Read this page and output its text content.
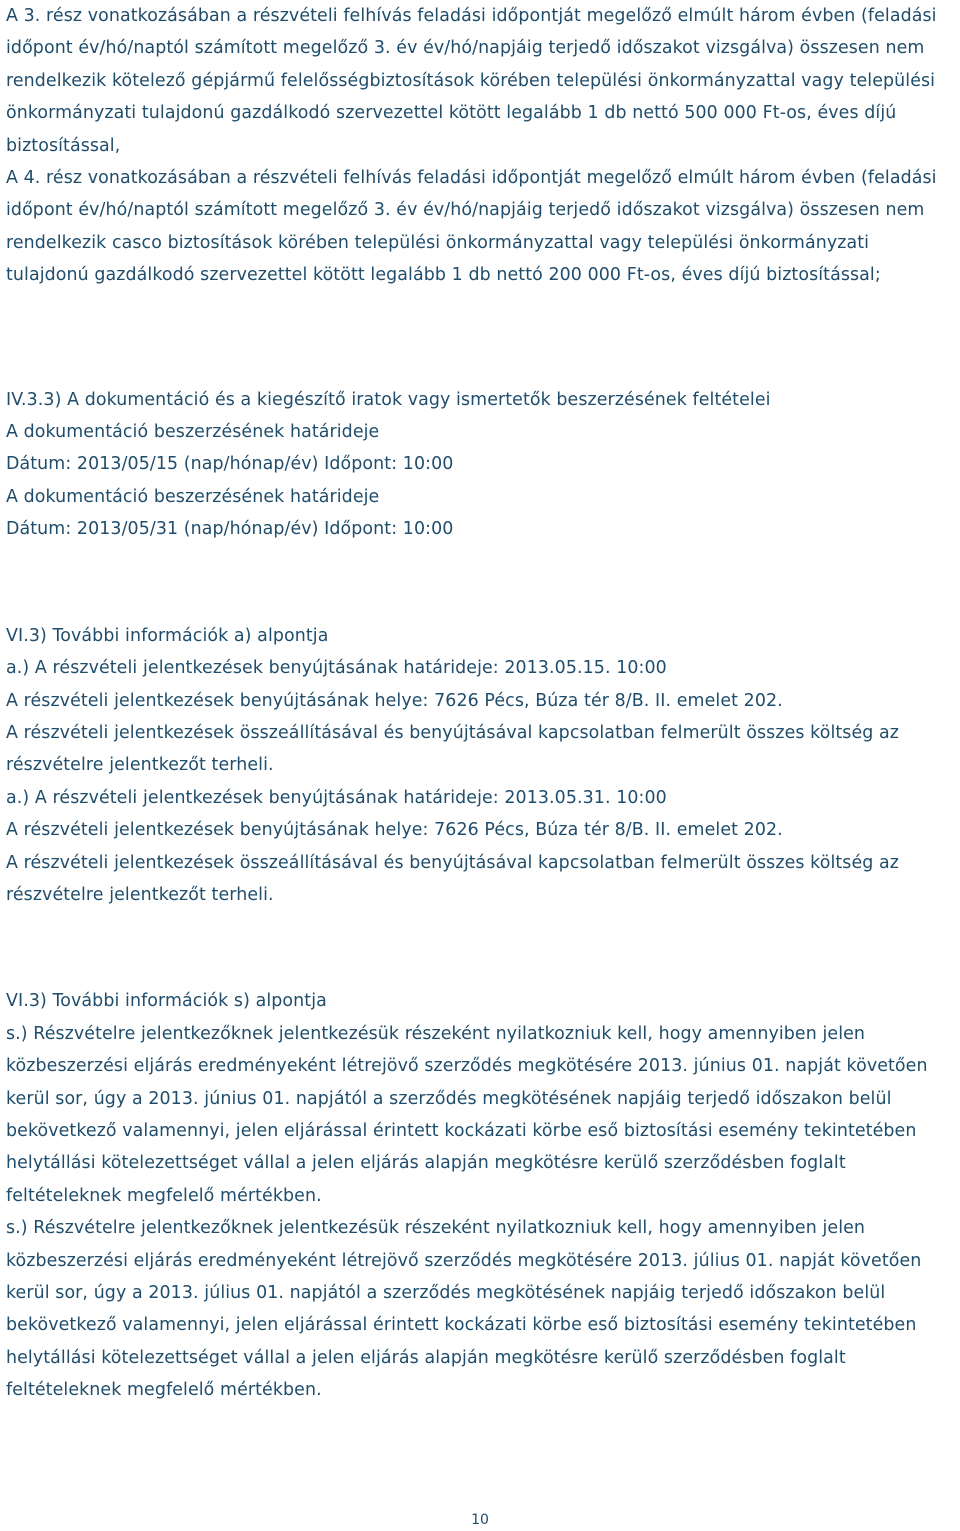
A 3. rész vonatkozásában a részvételi felhívás feladási időpontját megelőző elmúlt három évben (feladási időpont év/hó/naptól számított megelőző 3. év év/hó/napjáig terjedő időszakot vizsgálva) összesen nem rendelkezik kötelező gépjármű felelősségbiztosítások körében települési önkormányzattal vagy települési önkormányzati tulajdonú gazdálkodó szervezettel kötött legalább 1 db nettó 500 000 Ft-os, éves díjú biztosítással,

A 4. rész vonatkozásában a részvételi felhívás feladási időpontját megelőző elmúlt három évben (feladási időpont év/hó/naptól számított megelőző 3. év év/hó/napjáig terjedő időszakot vizsgálva) összesen nem rendelkezik casco biztosítások körében települési önkormányzattal vagy települési önkormányzati tulajdonú gazdálkodó szervezettel kötött legalább 1 db nettó 200 000 Ft-os, éves díjú biztosítással;

IV.3.3) A dokumentáció és a kiegészítő iratok vagy ismertetők beszerzésének feltételei

A dokumentáció beszerzésének határideje

Dátum: 2013/05/15 (nap/hónap/év) Időpont: 10:00

A dokumentáció beszerzésének határideje

Dátum: 2013/05/31 (nap/hónap/év) Időpont: 10:00

VI.3) További információk a) alpontja

a.) A részvételi jelentkezések benyújtásának határideje: 2013.05.15. 10:00

A részvételi jelentkezések benyújtásának helye: 7626 Pécs, Búza tér 8/B. II. emelet 202.

A részvételi jelentkezések összeállításával és benyújtásával kapcsolatban felmerült összes költség az részvételre jelentkezőt terheli.

a.) A részvételi jelentkezések benyújtásának határideje: 2013.05.31. 10:00

A részvételi jelentkezések benyújtásának helye: 7626 Pécs, Búza tér 8/B. II. emelet 202.

A részvételi jelentkezések összeállításával és benyújtásával kapcsolatban felmerült összes költség az részvételre jelentkezőt terheli.

VI.3) További információk s) alpontja

s.) Részvételre jelentkezőknek jelentkezésük részeként nyilatkozniuk kell, hogy amennyiben jelen közbeszerzési eljárás eredményeként létrejövő szerződés megkötésére 2013. június 01. napját követően kerül sor, úgy a 2013. június 01. napjától a szerződés megkötésének napjáig terjedő időszakon belül bekövetkező valamennyi, jelen eljárással érintett kockázati körbe eső biztosítási esemény tekintetében helytállási kötelezettséget vállal a jelen eljárás alapján megkötésre kerülő szerződésben foglalt feltételeknek megfelelő mértékben.

s.) Részvételre jelentkezőknek jelentkezésük részeként nyilatkozniuk kell, hogy amennyiben jelen közbeszerzési eljárás eredményeként létrejövő szerződés megkötésére 2013. július 01. napját követően kerül sor, úgy a 2013. július 01. napjától a szerződés megkötésének napjáig terjedő időszakon belül bekövetkező valamennyi, jelen eljárással érintett kockázati körbe eső biztosítási esemény tekintetében helytállási kötelezettséget vállal a jelen eljárás alapján megkötésre kerülő szerződésben foglalt feltételeknek megfelelő mértékben.

10
